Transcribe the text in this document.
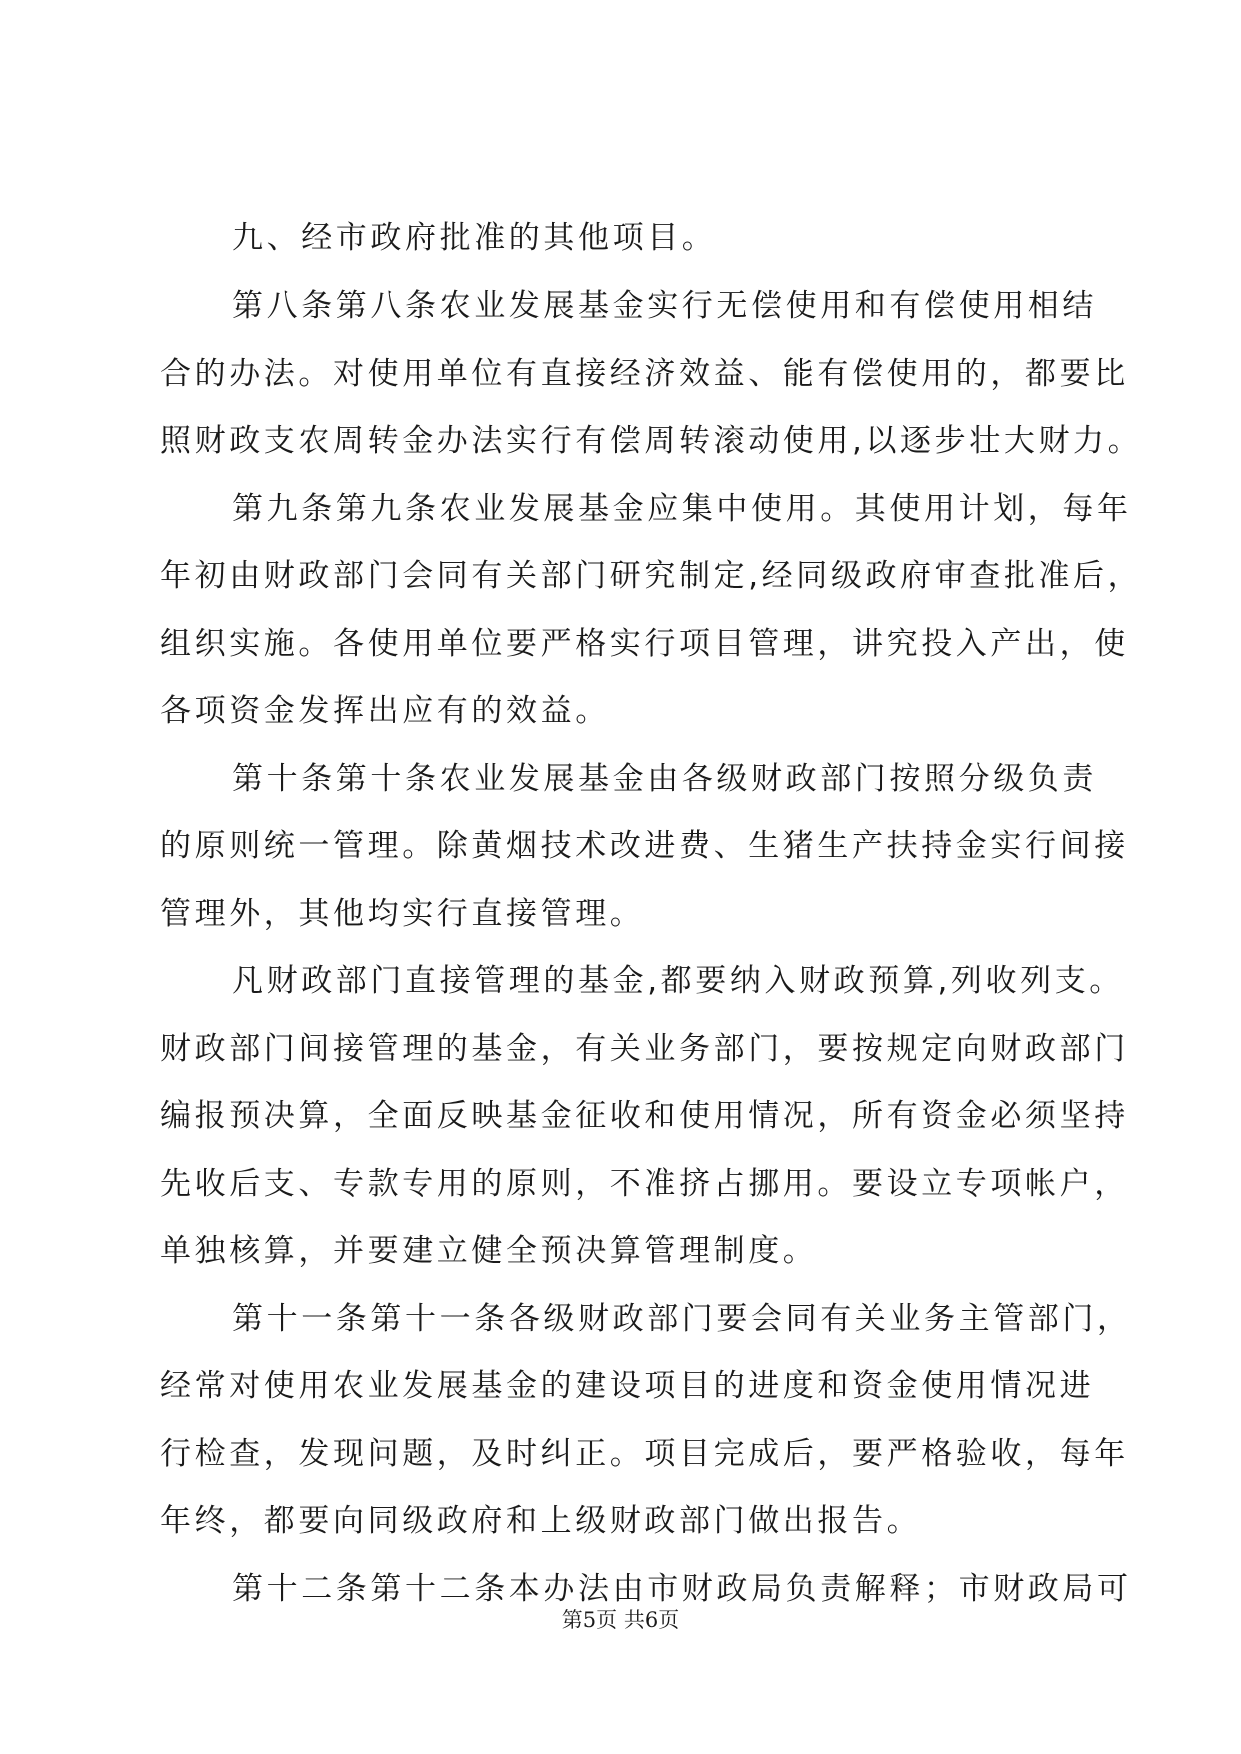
九、经市政府批准的其他项目。
第八条第八条农业发展基金实行无偿使用和有偿使用相结
合的办法。对使用单位有直接经济效益、能有偿使用的，都要比
照财政支农周转金办法实行有偿周转滚动使用,以逐步壮大财力。
第九条第九条农业发展基金应集中使用。其使用计划，每年
年初由财政部门会同有关部门研究制定,经同级政府审查批准后，
组织实施。各使用单位要严格实行项目管理，讲究投入产出，使
各项资金发挥出应有的效益。
第十条第十条农业发展基金由各级财政部门按照分级负责
的原则统一管理。除黄烟技术改进费、生猪生产扶持金实行间接
管理外，其他均实行直接管理。
凡财政部门直接管理的基金,都要纳入财政预算,列收列支。
财政部门间接管理的基金，有关业务部门，要按规定向财政部门
编报预决算，全面反映基金征收和使用情况，所有资金必须坚持
先收后支、专款专用的原则，不准挤占挪用。要设立专项帐户，
单独核算，并要建立健全预决算管理制度。
第十一条第十一条各级财政部门要会同有关业务主管部门，
经常对使用农业发展基金的建设项目的进度和资金使用情况进
行检查，发现问题，及时纠正。项目完成后，要严格验收，每年
年终，都要向同级政府和上级财政部门做出报告。
第十二条第十二条本办法由市财政局负责解释；市财政局可
第5页 共6页
